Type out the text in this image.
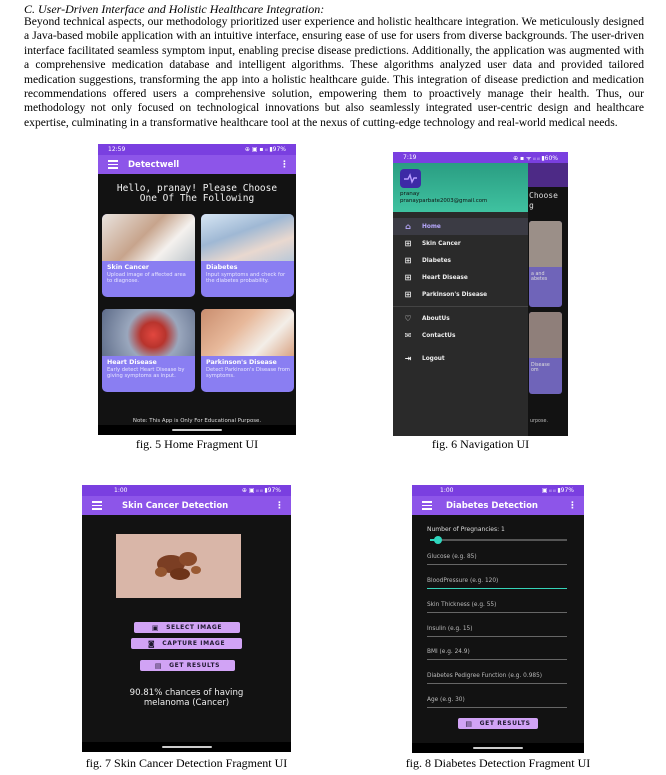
C. User-Driven Interface and Holistic Healthcare Integration:

Beyond technical aspects, our methodology prioritized user experience and holistic healthcare integration. We meticulously designed a Java-based mobile application with an intuitive interface, ensuring ease of use for users from diverse backgrounds. The user-driven interface facilitated seamless symptom input, enabling precise disease predictions. Additionally, the application was augmented with a comprehensive medication database and intelligent algorithms. These algorithms analyzed user data and provided tailored medication suggestions, transforming the app into a holistic healthcare guide. This integration of disease prediction and medication recommendations offered users a comprehensive solution, empowering them to proactively manage their health. Thus, our methodology not only focused on technological innovations but also seamlessly integrated user-centric design and healthcare expertise, culminating in a transformative healthcare tool at the nexus of cutting-edge technology and real-world medical needs.

12:59	⊕ ▣ ▪ ᵢₗ ▮97%
Detectwell	⋮
Hello, pranay! Please Choose
One Of The Following
Skin Cancer
Upload image of affected area to diagnose.
Diabetes
Input symptoms and check for the diabetes probability.
Heart Disease
Early detect Heart Disease by giving symptoms as input.
Parkinson's Disease
Detect Parkinson's Disease from symptoms.
Note: This App is Only For Educational Purpose.
fig. 5 Home Fragment UI
7:19	⊕ ▪ ᯤ ᵢₗ ᵢₗ ▮60%
Choose
g
a and
abetes
Disease
om
urpose.
pranay
pranayparbate2003@gmail.com
⌂	Home
⊞ Skin Cancer
⊞ Diabetes
⊞ Heart Disease
⊞ Parkinson's Disease
♡ AboutUs
✉ ContactUs
⇥ Logout
fig. 6 Navigation UI
1:00	⊕ ▣ ᵢₗ ᵢₗ ▮97%
Skin Cancer Detection	⋮
▣ SELECT IMAGE
◙ CAPTURE IMAGE
▤ GET RESULTS
90.81% chances of having
melanoma (Cancer)
fig. 7 Skin Cancer Detection Fragment UI
1:00	▣ ᵢₗ ᵢₗ ▮97%
Diabetes Detection	⋮
Number of Pregnancies: 1
Glucose (e.g. 85)
BloodPressure (e.g. 120)
Skin Thickness (e.g. 55)
Insulin (e.g. 15)
BMI (e.g. 24.9)
Diabetes Pedigree Function (e.g. 0.985)
Age (e.g. 30)
▤ GET RESULTS
fig. 8 Diabetes Detection Fragment UI
